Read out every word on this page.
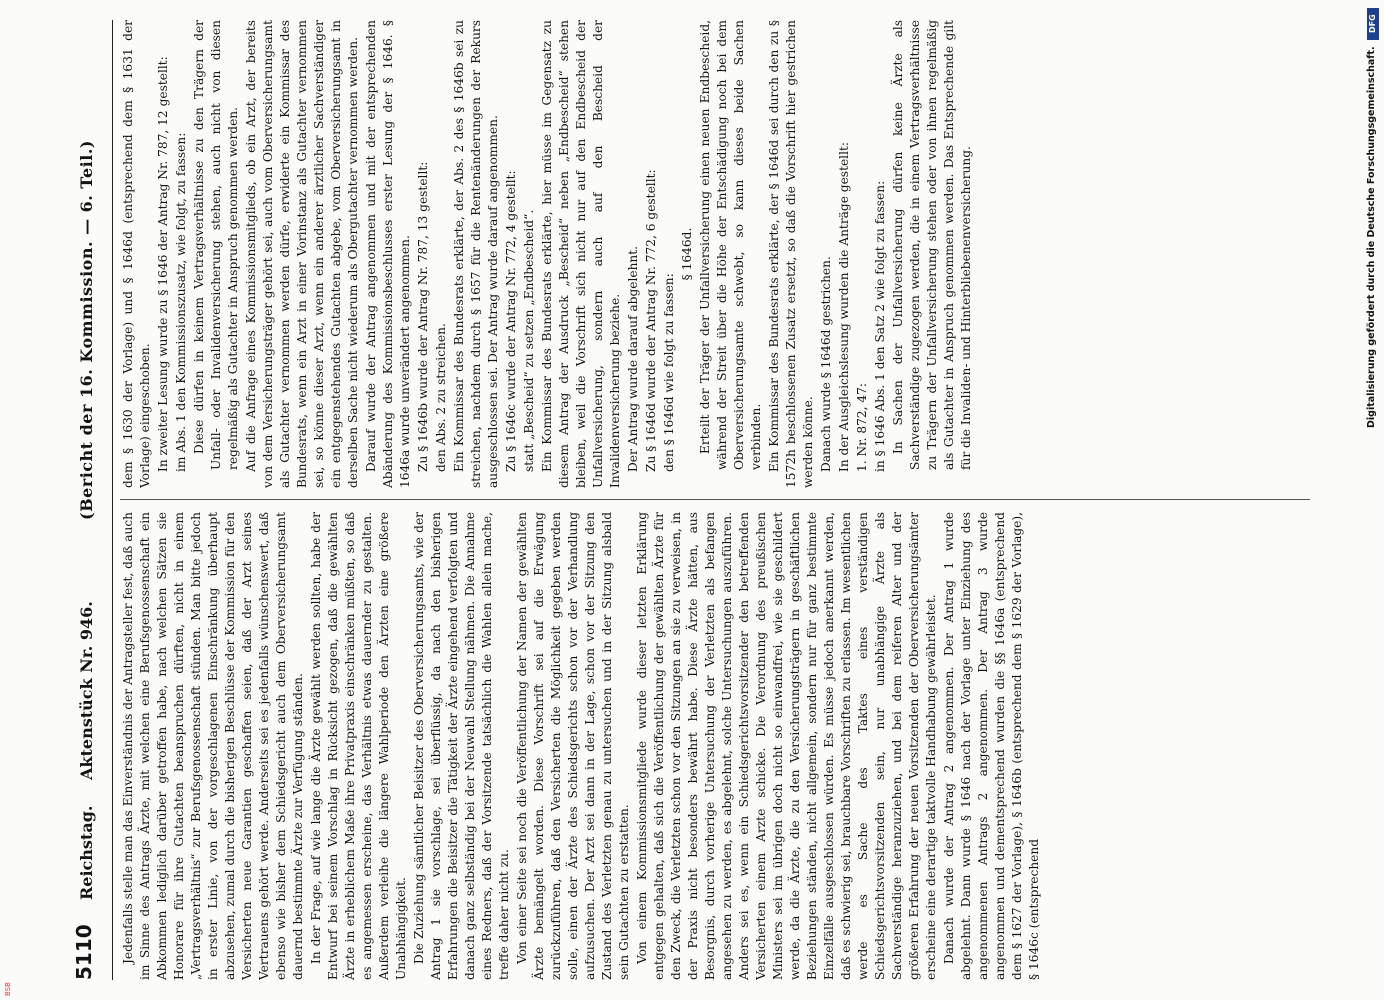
5110
Reichstag.
Aktenstück Nr. 946.
(Bericht der 16. Kommission. — 6. Teil.)

Jedenfalls stelle man das Einverständnis der Antragsteller fest, daß auch im Sinne des Antrags Ärzte, mit welchen eine Berufsgenossenschaft ein Abkommen lediglich darüber getroffen habe, nach welchen Sätzen sie Honorare für ihre Gutachten beanspruchen dürften, nicht in einem „Vertragsverhältnis“ zur Berufsgenossenschaft stünden. Man bitte jedoch in erster Linie, von der vorgeschlagenen Einschränkung überhaupt abzusehen, zumal durch die bisherigen Beschlüsse der Kommission für den Versicherten neue Garantien geschaffen seien, daß der Arzt seines Vertrauens gehört werde. Anderseits sei es jedenfalls wünschenswert, daß ebenso wie bisher dem Schiedsgericht auch dem Oberversicherungsamt dauernd bestimmte Ärzte zur Verfügung ständen. In der Frage, auf wie lange die Ärzte gewählt werden sollten, habe der Entwurf bei seinem Vorschlag in Rücksicht gezogen, daß die gewählten Ärzte in erheblichem Maße ihre Privatpraxis einschränken müßten, so daß es angemessen erscheine, das Verhältnis etwas dauernder zu gestalten. Außerdem verleihe die längere Wahlperiode den Ärzten eine größere Unabhängigkeit. Die Zuziehung sämtlicher Beisitzer des Oberversicherungsamts, wie der Antrag 1 sie vorschlage, sei überflüssig, da nach den bisherigen Erfahrungen die Beisitzer die Tätigkeit der Ärzte eingehend verfolgten und danach ganz selbständig bei der Neuwahl Stellung nähmen. Die Annahme eines Redners, daß der Vorsitzende tatsächlich die Wahlen allein mache, treffe daher nicht zu. Von einer Seite sei noch die Veröffentlichung der Namen der gewählten Ärzte bemängelt worden. Diese Vorschrift sei auf die Erwägung zurückzuführen, daß den Versicherten die Möglichkeit gegeben werden solle, einen der Ärzte des Schiedsgerichts schon vor der Verhandlung aufzusuchen. Der Arzt sei dann in der Lage, schon vor der Sitzung den Zustand des Verletzten genau zu untersuchen und in der Sitzung alsbald sein Gutachten zu erstatten. Von einem Kommissionsmitgliede wurde dieser letzten Erklärung entgegen gehalten, daß sich die Veröffentlichung der gewählten Ärzte für den Zweck, die Verletzten schon vor den Sitzungen an sie zu verweisen, in der Praxis nicht besonders bewährt habe. Diese Ärzte hätten, aus Besorgnis, durch vorherige Untersuchung der Verletzten als befangen angesehen zu werden, es abgelehnt, solche Untersuchungen auszuführen. Anders sei es, wenn ein Schiedsgerichtsvorsitzender den betreffenden Versicherten einem Arzte schicke. Die Verordnung des preußischen Ministers sei im übrigen doch nicht so einwandfrei, wie sie geschildert werde, da die Ärzte, die zu den Versicherungsträgern in geschäftlichen Beziehungen ständen, nicht allgemein, sondern nur für ganz bestimmte Einzelfälle ausgeschlossen würden. Es müsse jedoch anerkannt werden, daß es schwierig sei, brauchbare Vorschriften zu erlassen. Im wesentlichen werde es Sache des Taktes eines verständigen Schiedsgerichtsvorsitzenden sein, nur unabhängige Ärzte als Sachverständige heranzuziehen, und bei dem reiferen Alter und der größeren Erfahrung der neuen Vorsitzenden der Oberversicherungsämter erscheine eine derartige taktvolle Handhabung gewährleistet. Danach wurde der Antrag 2 angenommen. Der Antrag 1 wurde abgelehnt. Dann wurde § 1646 nach der Vorlage unter Einziehung des angenommenen Antrags 2 angenommen. Der Antrag 3 wurde angenommen und dementsprechend wurden die §§ 1646a (entsprechend dem § 1627 der Vorlage), § 1646b (entsprechend dem § 1629 der Vorlage), § 1646c (entsprechend

dem § 1630 der Vorlage) und § 1646d (entsprechend dem § 1631 der Vorlage) eingeschoben. In zweiter Lesung wurde zu § 1646 der Antrag Nr. 787, 12 gestellt: im Abs. 1 den Kommissionszusatz, wie folgt, zu fassen: Diese dürfen in keinem Vertragsverhältnisse zu den Trägern der Unfall- oder Invalidenversicherung stehen, auch nicht von diesen regelmäßig als Gutachter in Anspruch genommen werden. Auf die Anfrage eines Kommissionsmitglieds, ob ein Arzt, der bereits von dem Versicherungsträger gehört sei, auch vom Oberversicherungsamt als Gutachter vernommen werden dürfe, erwiderte ein Kommissar des Bundesrats, wenn ein Arzt in einer Vorinstanz als Gutachter vernommen sei, so könne dieser Arzt, wenn ein anderer ärztlicher Sachverständiger ein entgegenstehendes Gutachten abgebe, vom Oberversicherungsamt in derselben Sache nicht wiederum als Obergutachter vernommen werden. Darauf wurde der Antrag angenommen und mit der entsprechenden Abänderung des Kommissionsbeschlusses erster Lesung der § 1646. § 1646a wurde unverändert angenommen. Zu § 1646b wurde der Antrag Nr. 787, 13 gestellt: den Abs. 2 zu streichen. Ein Kommissar des Bundesrats erklärte, der Abs. 2 des § 1646b sei zu streichen, nachdem durch § 1657 für die Rentenänderungen der Rekurs ausgeschlossen sei. Der Antrag wurde darauf angenommen. Zu § 1646c wurde der Antrag Nr. 772, 4 gestellt: statt „Bescheid“ zu setzen „Endbescheid“. Ein Kommissar des Bundesrats erklärte, hier müsse im Gegensatz zu diesem Antrag der Ausdruck „Bescheid“ neben „Endbescheid“ stehen bleiben, weil die Vorschrift sich nicht nur auf den Endbescheid der Unfallversicherung, sondern auch auf den Bescheid der Invalidenversicherung beziehe. Der Antrag wurde darauf abgelehnt. Zu § 1646d wurde der Antrag Nr. 772, 6 gestellt: den § 1646d wie folgt zu fassen:

§ 1646d. Erteilt der Träger der Unfallversicherung einen neuen Endbescheid, während der Streit über die Höhe der Entschädigung noch bei dem Oberversicherungsamte schwebt, so kann dieses beide Sachen verbinden. Ein Kommissar des Bundesrats erklärte, der § 1646d sei durch den zu § 1572h beschlossenen Zusatz ersetzt, so daß die Vorschrift hier gestrichen werden könne. Danach wurde § 1646d gestrichen. In der Ausgleichslesung wurden die Anträge gestellt: 1. Nr. 872, 47: in § 1646 Abs. 1 den Satz 2 wie folgt zu fassen: In Sachen der Unfallversicherung dürfen keine Ärzte als Sachverständige zugezogen werden, die in einem Vertragsverhältnisse zu Trägern der Unfallversicherung stehen oder von ihnen regelmäßig als Gutachter in Anspruch genommen werden. Das Entsprechende gilt für die Invaliden- und Hinterbliebenenversicherung.

DFG
Digitalisierung gefördert durch die Deutsche Forschungsgemeinschaft.
BSB
